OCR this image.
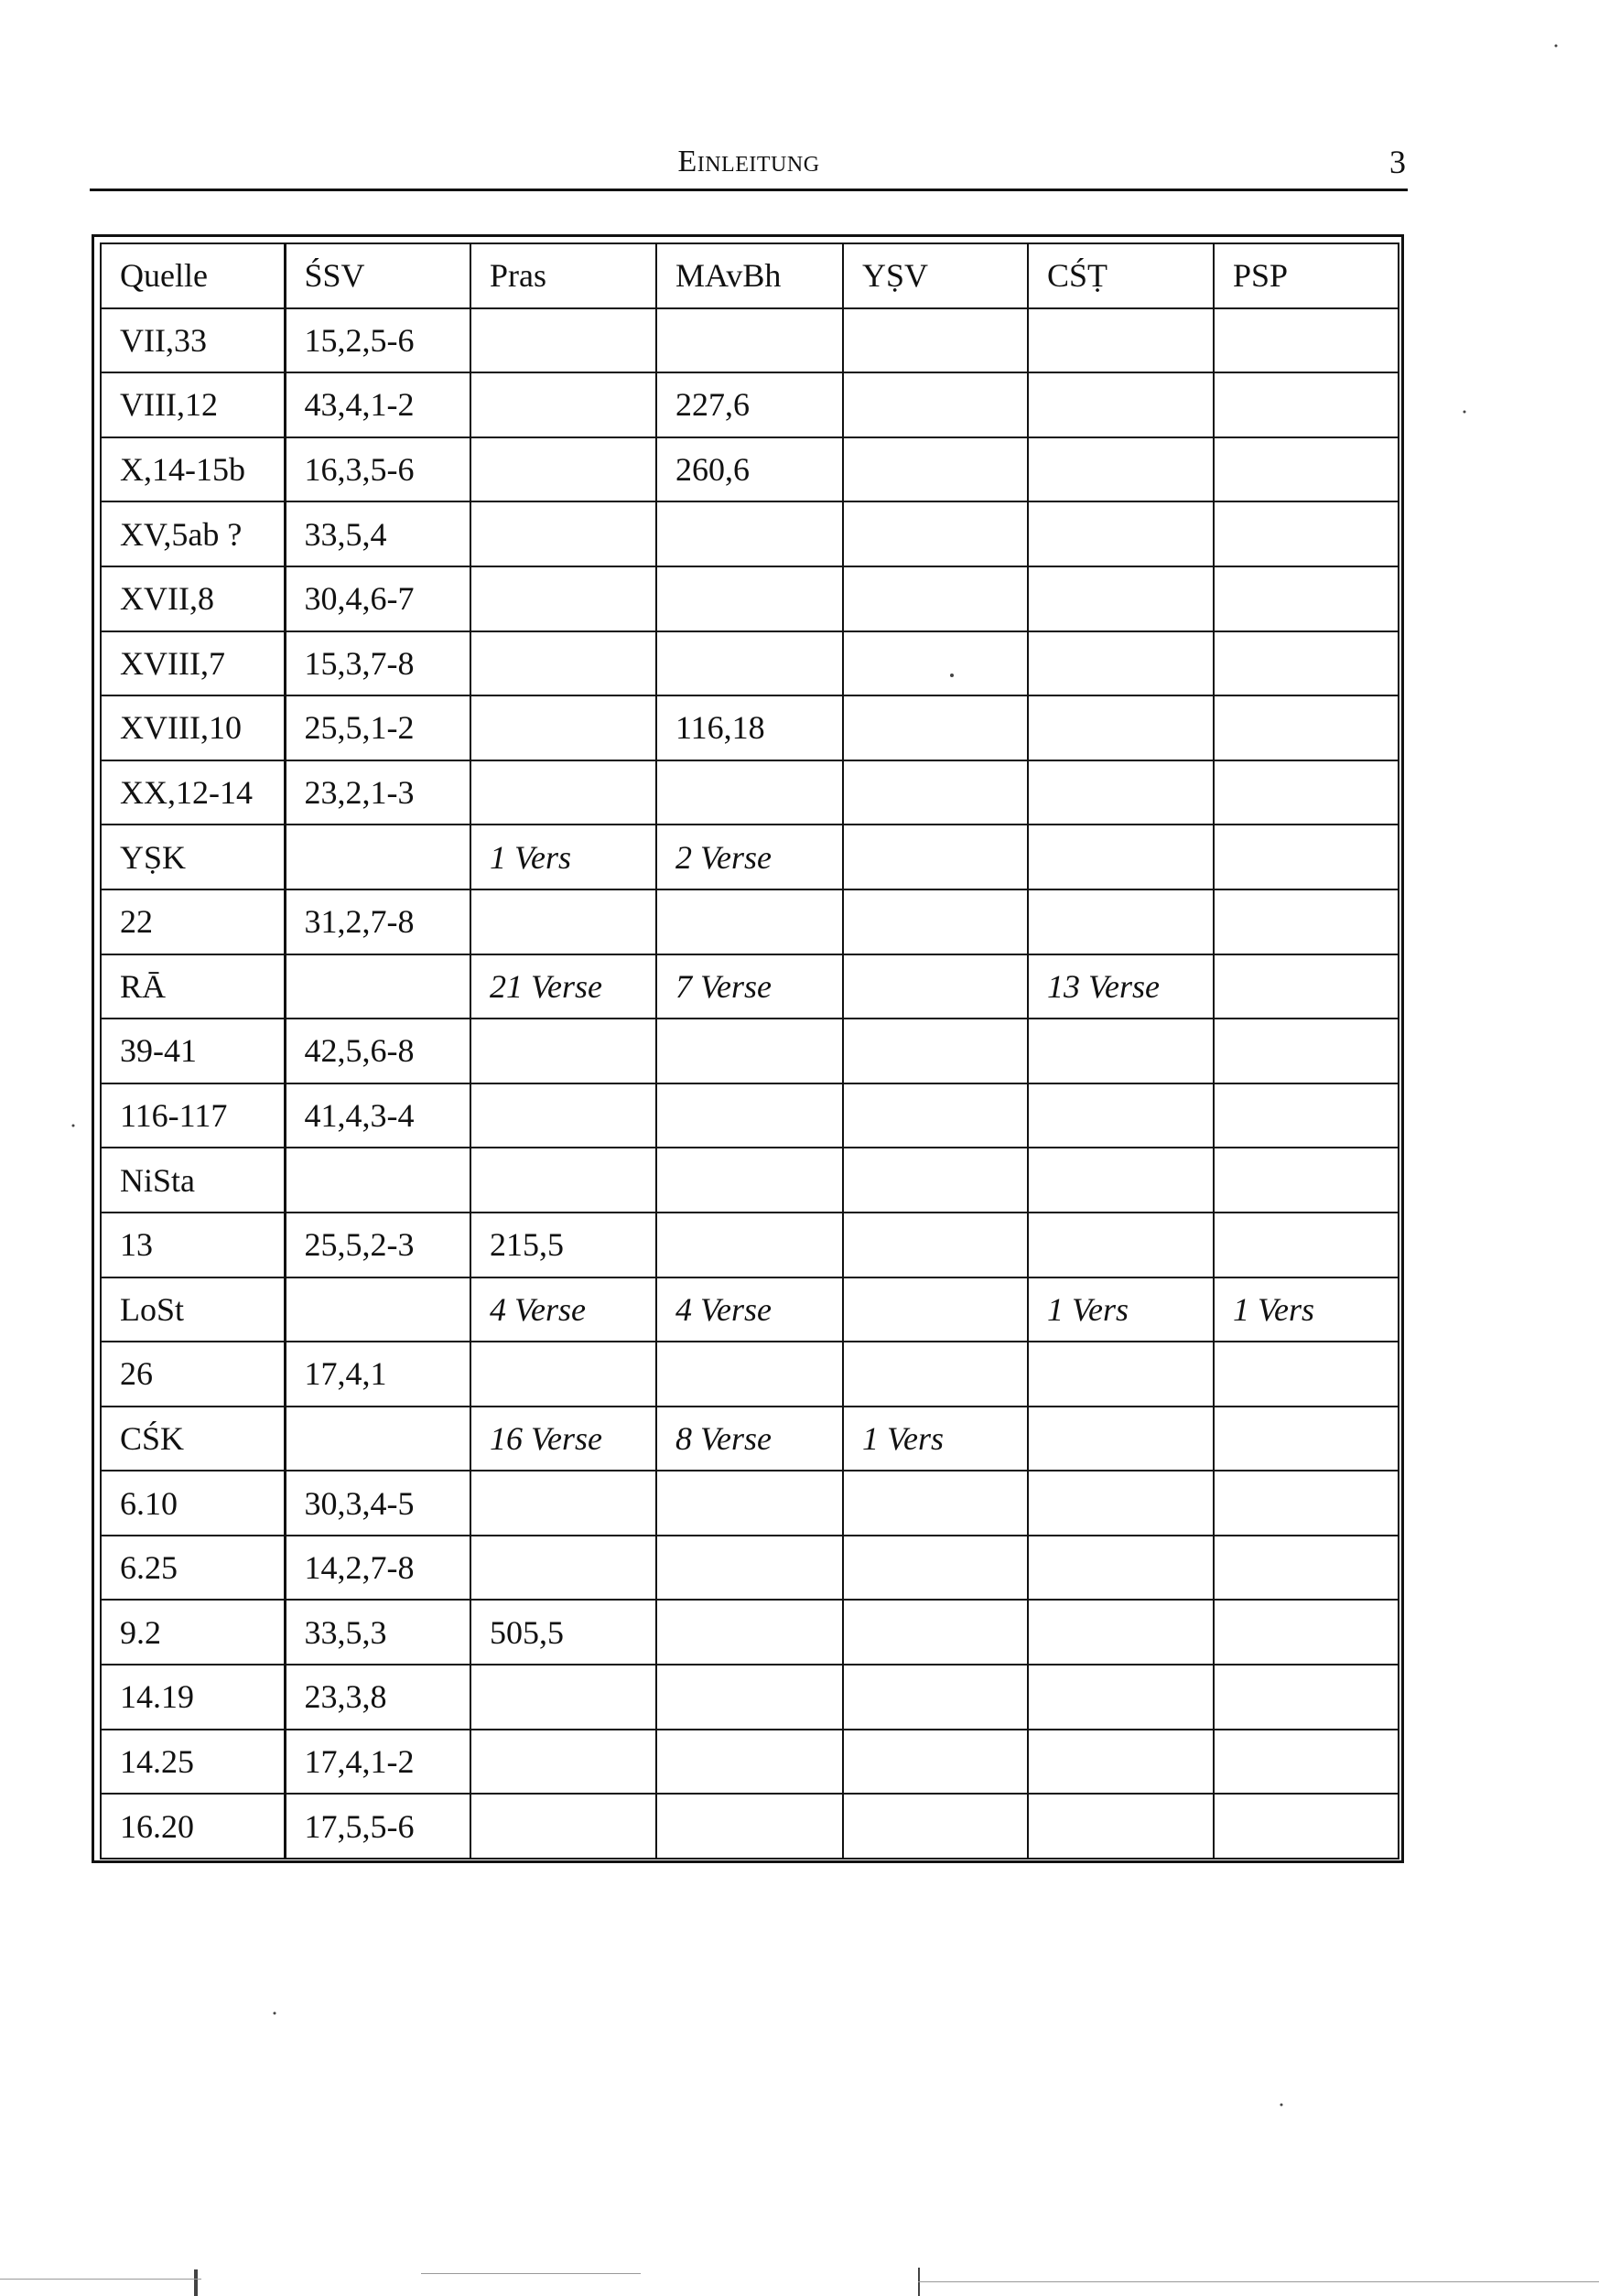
Einleitung	3
Quelle	ŚSV	Pras	MAvBh	YṢV	CŚṬ	PSP
VII,33	15,2,5-6					
VIII,12	43,4,1-2		227,6			
X,14-15b	16,3,5-6		260,6			
XV,5ab ?	33,5,4					
XVII,8	30,4,6-7					
XVIII,7	15,3,7-8					
XVIII,10	25,5,1-2		116,18			
XX,12-14	23,2,1-3					
YṢK		1 Vers	2 Verse			
22	31,2,7-8					
RĀ		21 Verse	7 Verse		13 Verse	
39-41	42,5,6-8					
116-117	41,4,3-4					
NiSta						
13	25,5,2-3	215,5				
LoSt		4 Verse	4 Verse		1 Vers	1 Vers
26	17,4,1					
CŚK		16 Verse	8 Verse	1 Vers		
6.10	30,3,4-5					
6.25	14,2,7-8					
9.2	33,5,3	505,5				
14.19	23,3,8					
14.25	17,4,1-2					
16.20	17,5,5-6					
